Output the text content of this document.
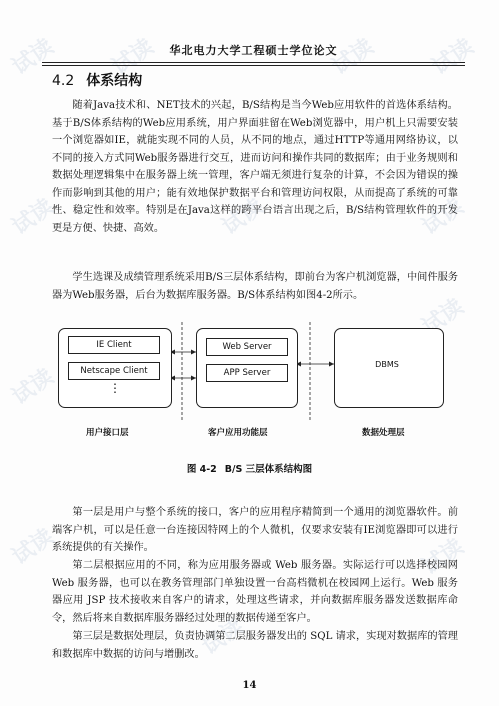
试读 试读	试读 试读
试读	试读	试读
试读
试读
试读
试读
试读
华北电力大学工程硕士学位论文
4.2 体系结构

随着Java技术和、NET技术的兴起，B/S结构是当今Web应用软件的首选体系结构。基于B/S体系结构的Web应用系统，用户界面驻留在Web浏览器中，用户机上只需要安装一个浏览器如IE，就能实现不同的人员，从不同的地点，通过HTTP等通用网络协议，以不同的接入方式同Web服务器进行交互，进而访问和操作共同的数据库；由于业务规则和数据处理逻辑集中在服务器上统一管理，客户端无须进行复杂的计算，不会因为错误的操作而影响到其他的用户；能有效地保护数据平台和管理访问权限，从而提高了系统的可靠性、稳定性和效率。特别是在Java这样的跨平台语言出现之后，B/S结构管理软件的开发更是方便、快捷、高效。

学生选课及成绩管理系统采用B/S三层体系结构，即前台为客户机浏览器，中间件服务器为Web服务器，后台为数据库服务器。B/S体系结构如图4-2所示。

IE Client
Netscape Client
⋮
Web Server
APP Server
DBMS
用户接口层	客户应用功能层	数据处理层
图 4-2 B/S 三层体系结构图

第一层是用户与整个系统的接口，客户的应用程序精简到一个通用的浏览器软件。前端客户机，可以是任意一台连接因特网上的个人微机，仅要求安装有IE浏览器即可以进行系统提供的有关操作。

第二层根据应用的不同，称为应用服务器或 Web 服务器。实际运行可以选择校园网 Web 服务器，也可以在教务管理部门单独设置一台高档微机在校园网上运行。Web 服务器应用 JSP 技术接收来自客户的请求，处理这些请求，并向数据库服务器发送数据库命令，然后将来自数据库服务器经过处理的数据传递至客户。

第三层是数据处理层，负责协调第二层服务器发出的 SQL 请求，实现对数据库的管理和数据库中数据的访问与增删改。

14
